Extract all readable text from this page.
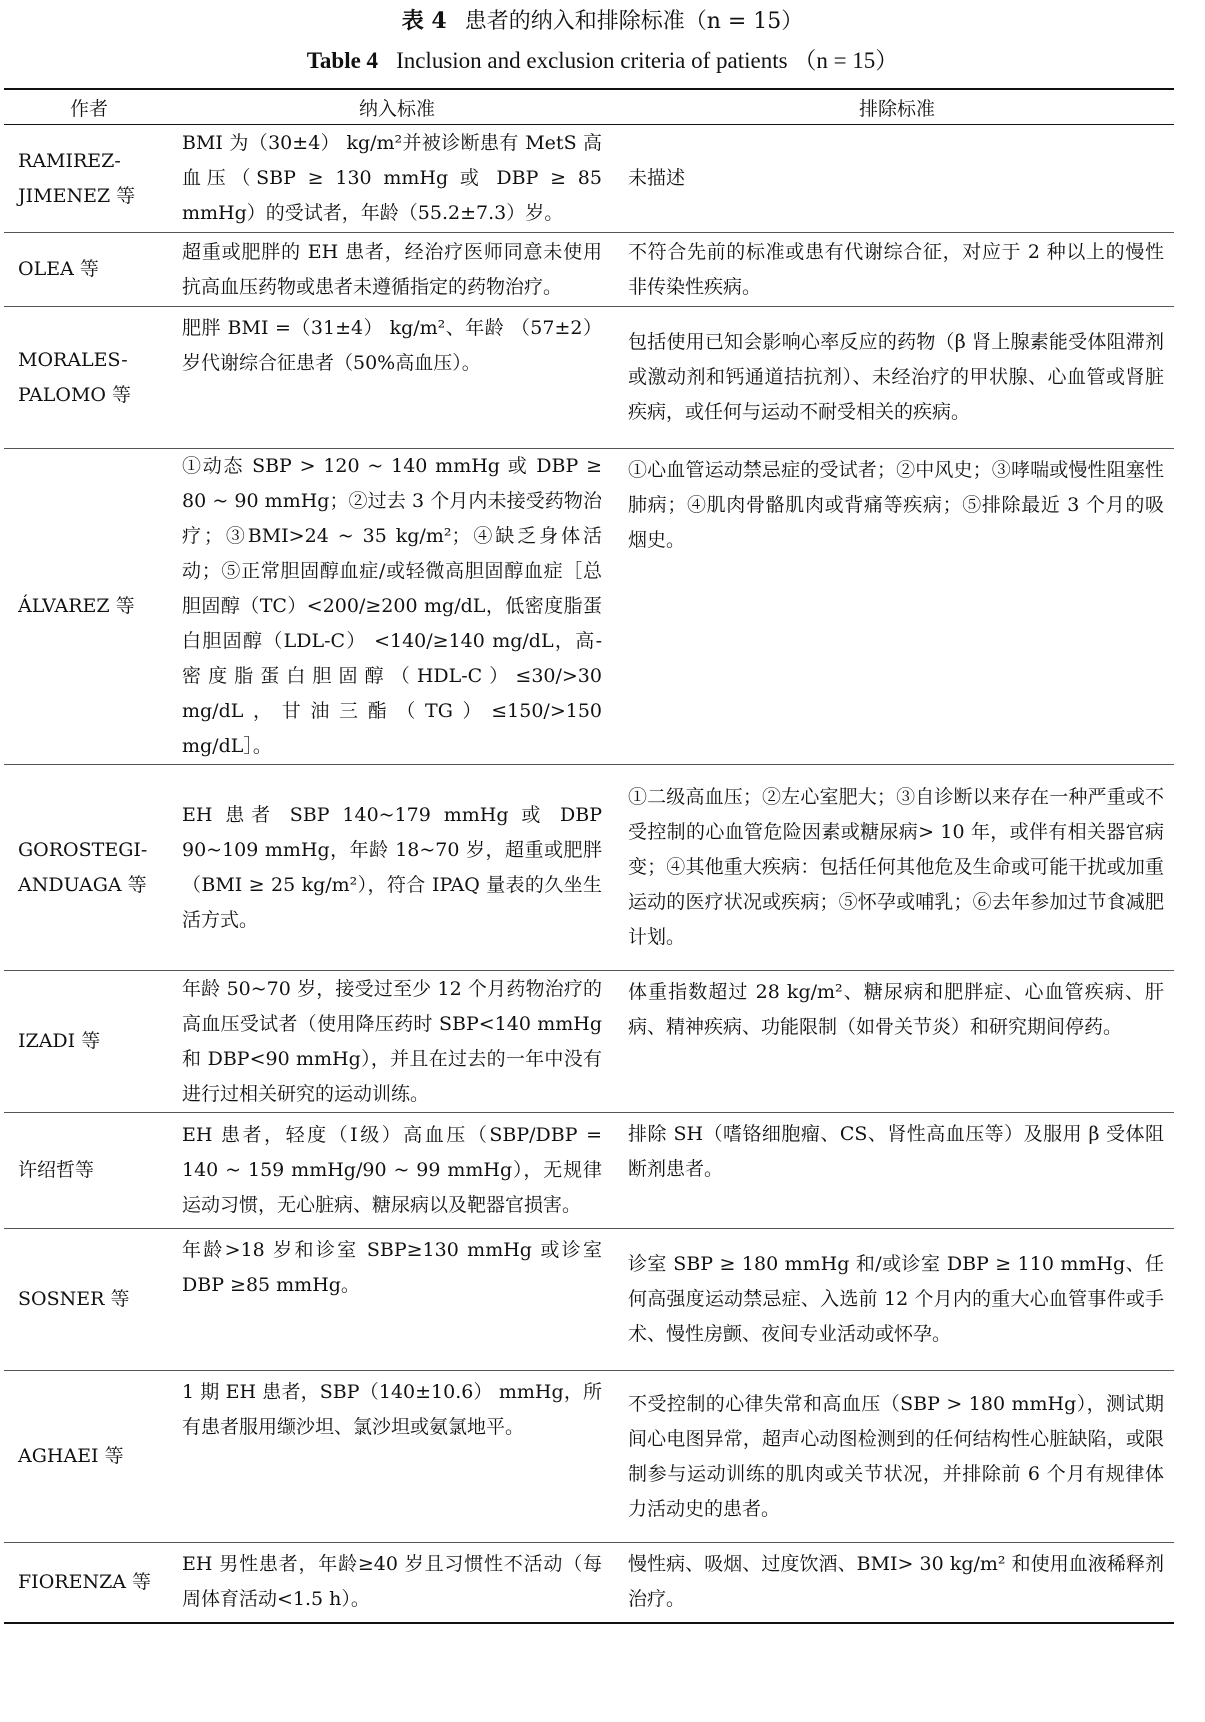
表 4 患者的纳入和排除标准（n = 15）
Table 4 Inclusion and exclusion criteria of patients （n = 15）
作者	纳入标准	排除标准

RAMIREZ-JIMENEZ 等	BMI 为（30±4） kg/m²并被诊断患有 MetS 高血压（SBP ≥ 130 mmHg 或 DBP ≥ 85 mmHg）的受试者，年龄（55.2±7.3）岁。	未描述

OLEA 等	超重或肥胖的 EH 患者，经治疗医师同意未使用抗高血压药物或患者未遵循指定的药物治疗。	不符合先前的标准或患有代谢综合征，对应于 2 种以上的慢性非传染性疾病。

MORALES-PALOMO 等	肥胖 BMI =（31±4） kg/m²、年龄 （57±2） 岁代谢综合征患者（50%高血压）。	包括使用已知会影响心率反应的药物（β 肾上腺素能受体阻滞剂或激动剂和钙通道拮抗剂）、未经治疗的甲状腺、心血管或肾脏疾病，或任何与运动不耐受相关的疾病。

ÁLVAREZ 等	①动态 SBP > 120 ~ 140 mmHg 或 DBP ≥ 80 ~ 90 mmHg；②过去 3 个月内未接受药物治疗；③BMI>24 ~ 35 kg/m²；④缺乏身体活动；⑤正常胆固醇血症/或轻微高胆固醇血症［总胆固醇（TC）<200/≥200 mg/dL，低密度脂蛋白胆固醇（LDL-C） <140/≥140 mg/dL，高-密度脂蛋白胆固醇（HDL-C）≤30/>30 mg/dL，甘油三酯（TG）≤150/>150 mg/dL］。	①心血管运动禁忌症的受试者；②中风史；③哮喘或慢性阻塞性肺病；④肌肉骨骼肌肉或背痛等疾病；⑤排除最近 3 个月的吸烟史。

GOROSTEGI-ANDUAGA 等	EH 患者 SBP 140~179 mmHg 或 DBP 90~109 mmHg，年龄 18~70 岁，超重或肥胖（BMI ≥ 25 kg/m²），符合 IPAQ 量表的久坐生活方式。	①二级高血压；②左心室肥大；③自诊断以来存在一种严重或不受控制的心血管危险因素或糖尿病> 10 年，或伴有相关器官病变；④其他重大疾病：包括任何其他危及生命或可能干扰或加重运动的医疗状况或疾病；⑤怀孕或哺乳；⑥去年参加过节食减肥计划。

IZADI 等	年龄 50~70 岁，接受过至少 12 个月药物治疗的高血压受试者（使用降压药时 SBP<140 mmHg 和 DBP<90 mmHg），并且在过去的一年中没有进行过相关研究的运动训练。	体重指数超过 28 kg/m²、糖尿病和肥胖症、心血管疾病、肝病、精神疾病、功能限制（如骨关节炎）和研究期间停药。

许绍哲等	EH 患者，轻度（Ⅰ级）高血压（SBP/DBP = 140 ~ 159 mmHg/90 ~ 99 mmHg），无规律运动习惯，无心脏病、糖尿病以及靶器官损害。	排除 SH（嗜铬细胞瘤、CS、肾性高血压等）及服用 β 受体阻断剂患者。

SOSNER 等	年龄>18 岁和诊室 SBP≥130 mmHg 或诊室 DBP ≥85 mmHg。	诊室 SBP ≥ 180 mmHg 和/或诊室 DBP ≥ 110 mmHg、任何高强度运动禁忌症、入选前 12 个月内的重大心血管事件或手术、慢性房颤、夜间专业活动或怀孕。

AGHAEI 等	1 期 EH 患者，SBP（140±10.6） mmHg，所有患者服用缬沙坦、氯沙坦或氨氯地平。	不受控制的心律失常和高血压（SBP > 180 mmHg），测试期间心电图异常，超声心动图检测到的任何结构性心脏缺陷，或限制参与运动训练的肌肉或关节状况，并排除前 6 个月有规律体力活动史的患者。

FIORENZA 等	EH 男性患者，年龄≥40 岁且习惯性不活动（每周体育活动<1.5 h）。	慢性病、吸烟、过度饮酒、BMI> 30 kg/m² 和使用血液稀释剂治疗。
